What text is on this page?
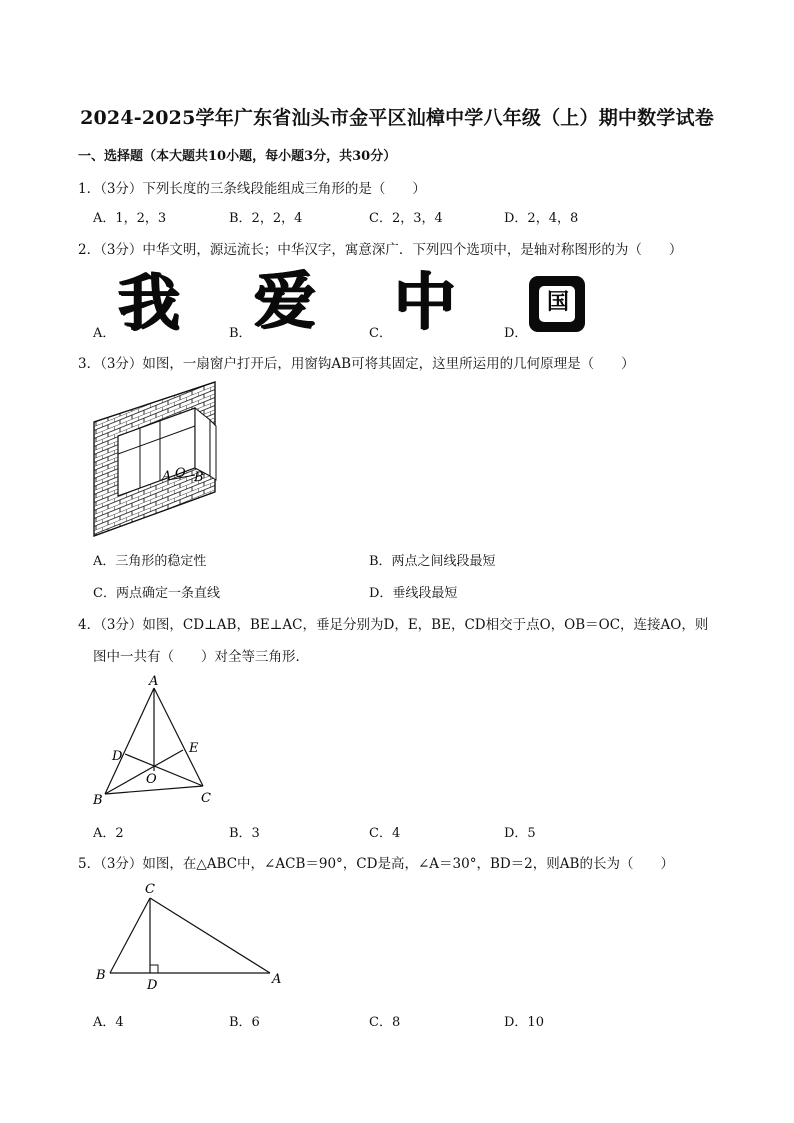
2024-2025学年广东省汕头市金平区汕樟中学八年级（上）期中数学试卷
一、选择题（本大题共10小题，每小题3分，共30分）
1．（3分）下列长度的三条线段能组成三角形的是（　　）
A．1，2，3	B．2，2，4	C．2，3，4	D．2，4，8
2．（3分）中华文明，源远流长；中华汉字，寓意深广．下列四个选项中，是轴对称图形的为（　　）
A． 我	B． 爱	C． 中	D．
国
3．（3分）如图，一扇窗户打开后，用窗钩AB可将其固定，这里所运用的几何原理是（　　）
A O B
A．三角形的稳定性	B．两点之间线段最短
C．两点确定一条直线	D．垂线段最短
4．（3分）如图，CD⊥AB，BE⊥AC，垂足分别为D，E，BE，CD相交于点O，OB＝OC，连接AO，则
图中一共有（　　）对全等三角形．
A
D
E
O
B	C
A．2	B．3	C．4	D．5
5．（3分）如图，在△ABC中，∠ACB＝90°，CD是高，∠A＝30°，BD＝2，则AB的长为（　　）
C
B
D	A
A．4	B．6	C．8	D．10
